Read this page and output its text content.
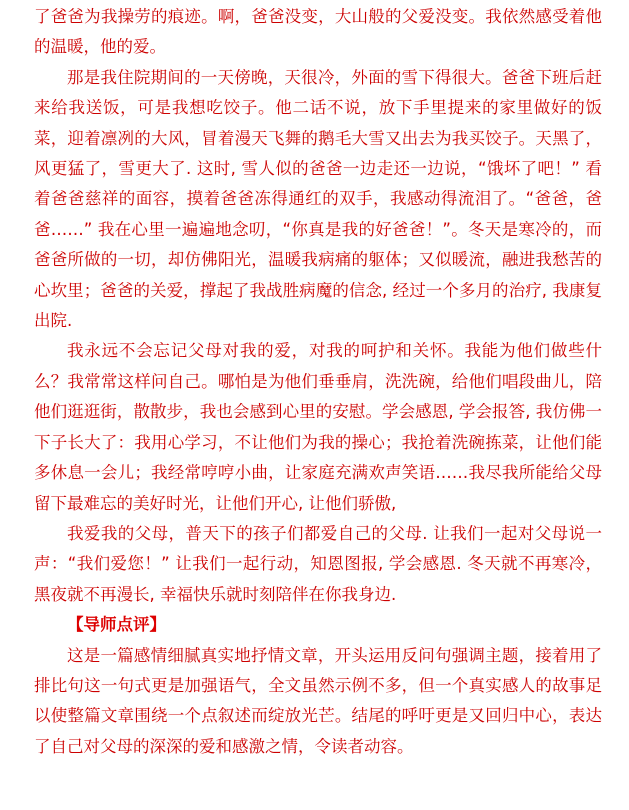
了爸爸为我操劳的痕迹。啊，爸爸没变，大山般的父爱没变。我依然感受着他的温暖，他的爱。

那是我住院期间的一天傍晚，天很冷，外面的雪下得很大。爸爸下班后赶来给我送饭，可是我想吃饺子。他二话不说，放下手里提来的家里做好的饭菜，迎着凛冽的大风，冒着漫天飞舞的鹅毛大雪又出去为我买饺子。天黑了，风更猛了，雪更大了. 这时, 雪人似的爸爸一边走还一边说，“饿坏了吧！” 看着爸爸慈祥的面容，摸着爸爸冻得通红的双手，我感动得流泪了。“爸爸，爸爸……” 我在心里一遍遍地念叨，“你真是我的好爸爸！”。冬天是寒冷的，而爸爸所做的一切，却仿佛阳光，温暖我病痛的躯体；又似暖流，融进我愁苦的心坎里；爸爸的关爱，撑起了我战胜病魔的信念, 经过一个多月的治疗, 我康复出院.

我永远不会忘记父母对我的爱，对我的呵护和关怀。我能为他们做些什么？我常常这样问自己。哪怕是为他们垂垂肩，洗洗碗，给他们唱段曲儿，陪他们逛逛街，散散步，我也会感到心里的安慰。学会感恩, 学会报答, 我仿佛一下子长大了：我用心学习，不让他们为我的操心；我抢着洗碗拣菜，让他们能多休息一会儿；我经常哼哼小曲，让家庭充满欢声笑语……我尽我所能给父母留下最难忘的美好时光，让他们开心, 让他们骄傲,

我爱我的父母，普天下的孩子们都爱自己的父母. 让我们一起对父母说一声：“我们爱您！” 让我们一起行动，知恩图报, 学会感恩. 冬天就不再寒冷，黑夜就不再漫长, 幸福快乐就时刻陪伴在你我身边.

【导师点评】

这是一篇感情细腻真实地抒情文章，开头运用反问句强调主题，接着用了排比句这一句式更是加强语气，全文虽然示例不多，但一个真实感人的故事足以使整篇文章围绕一个点叙述而绽放光芒。结尾的呼吁更是又回归中心，表达了自己对父母的深深的爱和感激之情，令读者动容。
